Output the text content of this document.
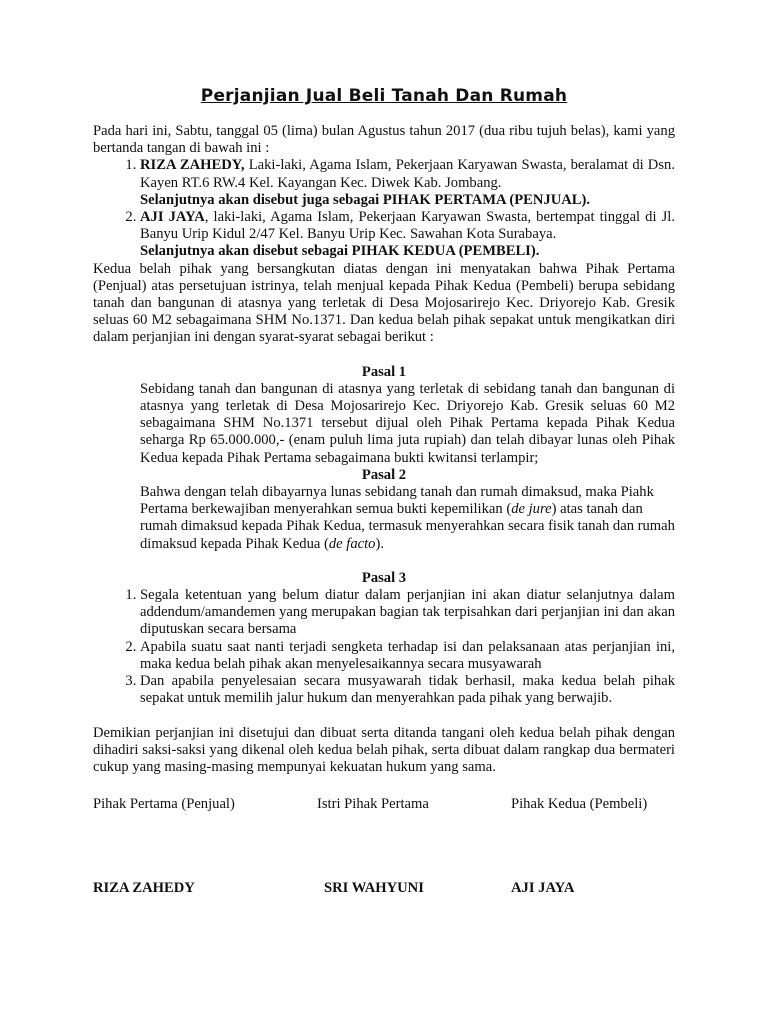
Perjanjian Jual Beli Tanah Dan Rumah

Pada hari ini, Sabtu, tanggal 05 (lima) bulan Agustus tahun 2017 (dua ribu tujuh belas), kami yang bertanda tangan di bawah ini :

1. RIZA ZAHEDY, Laki-laki, Agama Islam, Pekerjaan Karyawan Swasta, beralamat di Dsn. Kayen RT.6 RW.4 Kel. Kayangan Kec. Diwek Kab. Jombang.

Selanjutnya akan disebut juga sebagai PIHAK PERTAMA (PENJUAL).

2. AJI JAYA, laki-laki, Agama Islam, Pekerjaan Karyawan Swasta, bertempat tinggal di Jl. Banyu Urip Kidul 2/47 Kel. Banyu Urip Kec. Sawahan Kota Surabaya.

Selanjutnya akan disebut sebagai PIHAK KEDUA (PEMBELI).

Kedua belah pihak yang bersangkutan diatas dengan ini menyatakan bahwa Pihak Pertama (Penjual) atas persetujuan istrinya, telah menjual kepada Pihak Kedua (Pembeli) berupa sebidang tanah dan bangunan di atasnya yang terletak di Desa Mojosarirejo Kec. Driyorejo Kab. Gresik seluas 60 M2 sebagaimana SHM No.1371. Dan kedua belah pihak sepakat untuk mengikatkan diri dalam perjanjian ini dengan syarat-syarat sebagai berikut :

Pasal 1

Sebidang tanah dan bangunan di atasnya yang terletak di sebidang tanah dan bangunan di atasnya yang terletak di Desa Mojosarirejo Kec. Driyorejo Kab. Gresik seluas 60 M2 sebagaimana SHM No.1371 tersebut dijual oleh Pihak Pertama kepada Pihak Kedua seharga Rp 65.000.000,- (enam puluh lima juta rupiah) dan telah dibayar lunas oleh Pihak Kedua kepada Pihak Pertama sebagaimana bukti kwitansi terlampir;

Pasal 2

Bahwa dengan telah dibayarnya lunas sebidang tanah dan rumah dimaksud, maka Piahk Pertama berkewajiban menyerahkan semua bukti kepemilikan (de jure) atas tanah dan rumah dimaksud kepada Pihak Kedua, termasuk menyerahkan secara fisik tanah dan rumah dimaksud kepada Pihak Kedua (de facto).

Pasal 3

1. Segala ketentuan yang belum diatur dalam perjanjian ini akan diatur selanjutnya dalam addendum/amandemen yang merupakan bagian tak terpisahkan dari perjanjian ini dan akan diputuskan secara bersama
2. Apabila suatu saat nanti terjadi sengketa terhadap isi dan pelaksanaan atas perjanjian ini, maka kedua belah pihak akan menyelesaikannya secara musyawarah
3. Dan apabila penyelesaian secara musyawarah tidak berhasil, maka kedua belah pihak sepakat untuk memilih jalur hukum dan menyerahkan pada pihak yang berwajib.

Demikian perjanjian ini disetujui dan dibuat serta ditanda tangani oleh kedua belah pihak dengan dihadiri saksi-saksi yang dikenal oleh kedua belah pihak, serta dibuat dalam rangkap dua bermateri cukup yang masing-masing mempunyai kekuatan hukum yang sama.

Pihak Pertama (Penjual)	Istri Pihak Pertama	Pihak Kedua (Pembeli)
RIZA ZAHEDY	SRI WAHYUNI	AJI JAYA
